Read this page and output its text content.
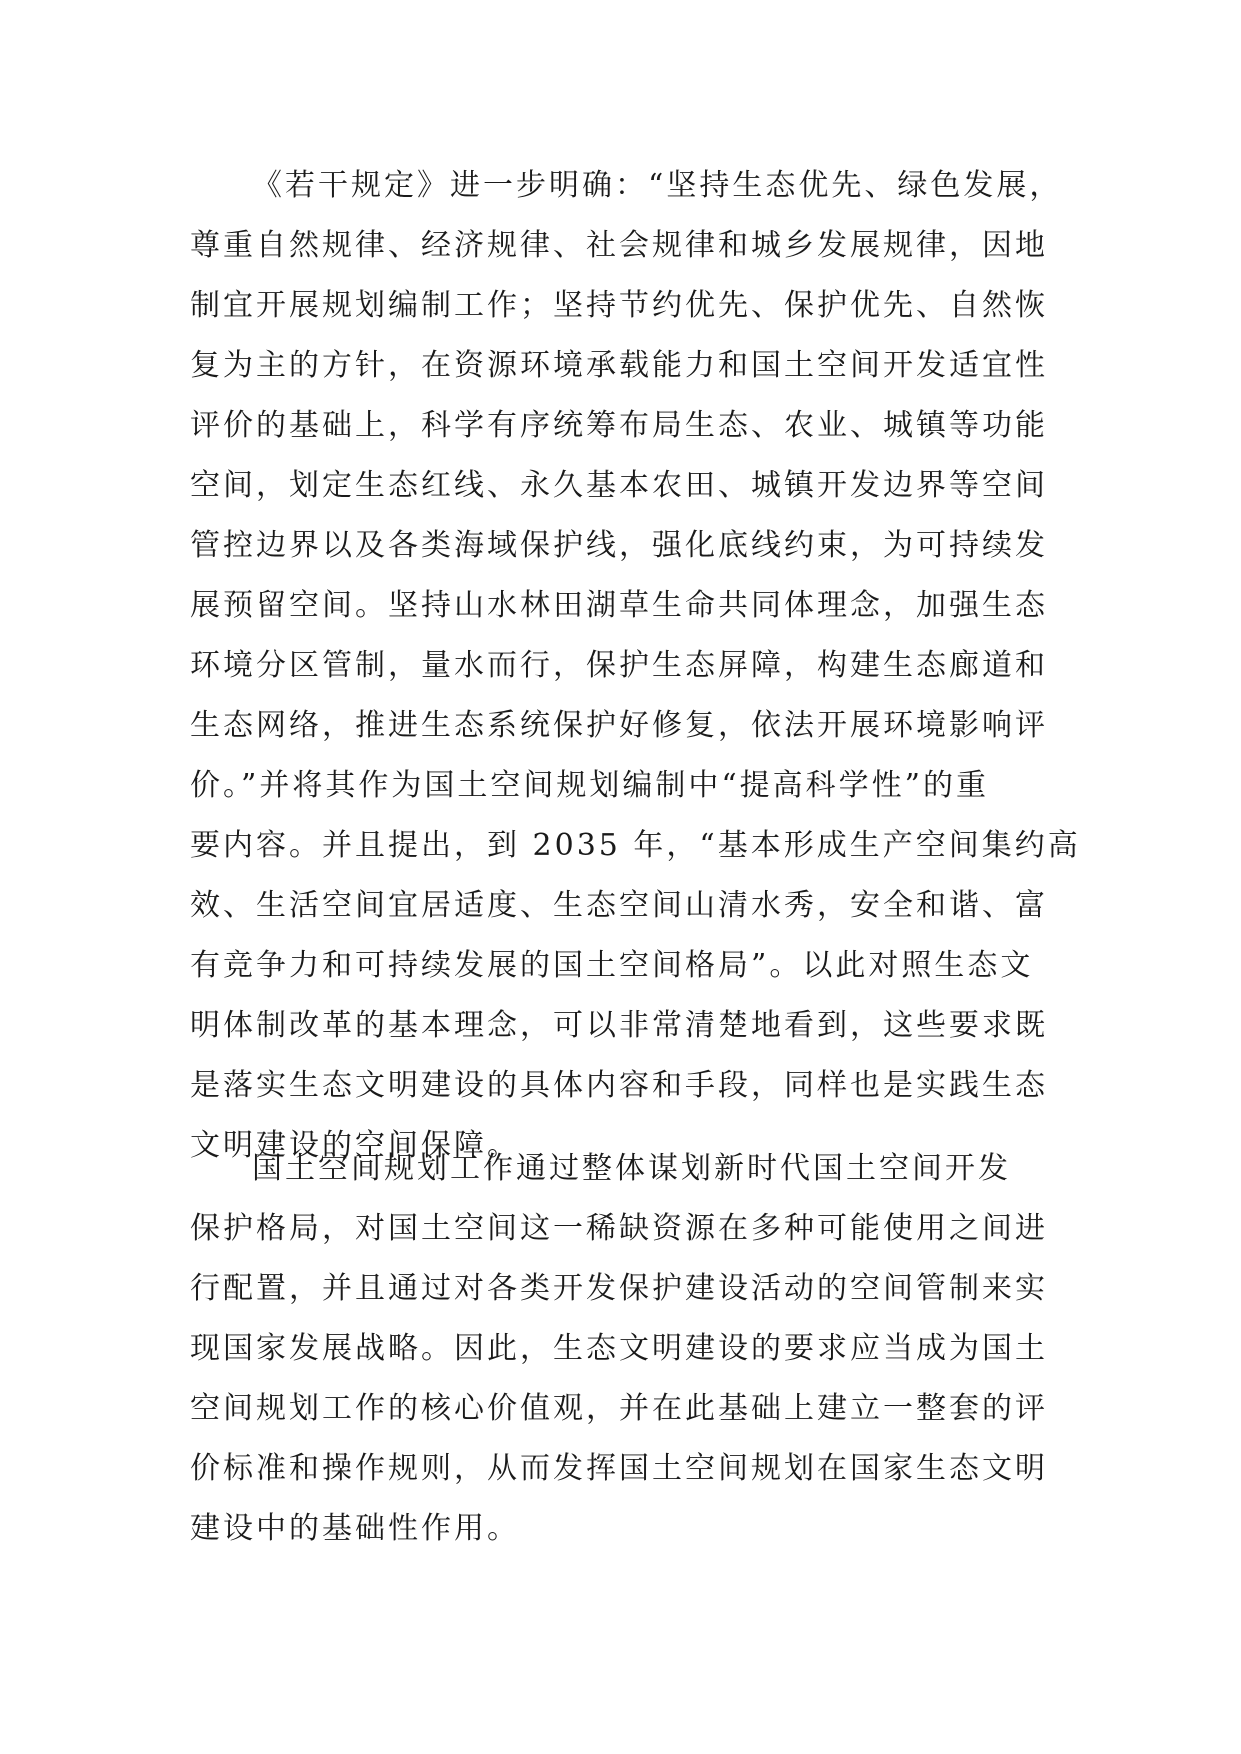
《若干规定》进一步明确：“坚持生态优先、绿色发展，
尊重自然规律、经济规律、社会规律和城乡发展规律，因地
制宜开展规划编制工作；坚持节约优先、保护优先、自然恢
复为主的方针，在资源环境承载能力和国土空间开发适宜性
评价的基础上，科学有序统筹布局生态、农业、城镇等功能
空间，划定生态红线、永久基本农田、城镇开发边界等空间
管控边界以及各类海域保护线，强化底线约束，为可持续发
展预留空间。坚持山水林田湖草生命共同体理念，加强生态
环境分区管制，量水而行，保护生态屏障，构建生态廊道和
生态网络，推进生态系统保护好修复，依法开展环境影响评
价。”并将其作为国土空间规划编制中“提高科学性”的重
要内容。并且提出，到 2035 年，“基本形成生产空间集约高
效、生活空间宜居适度、生态空间山清水秀，安全和谐、富
有竞争力和可持续发展的国土空间格局”。以此对照生态文
明体制改革的基本理念，可以非常清楚地看到，这些要求既
是落实生态文明建设的具体内容和手段，同样也是实践生态
文明建设的空间保障。
国土空间规划工作通过整体谋划新时代国土空间开发
保护格局，对国土空间这一稀缺资源在多种可能使用之间进
行配置，并且通过对各类开发保护建设活动的空间管制来实
现国家发展战略。因此，生态文明建设的要求应当成为国土
空间规划工作的核心价值观，并在此基础上建立一整套的评
价标准和操作规则，从而发挥国土空间规划在国家生态文明
建设中的基础性作用。
